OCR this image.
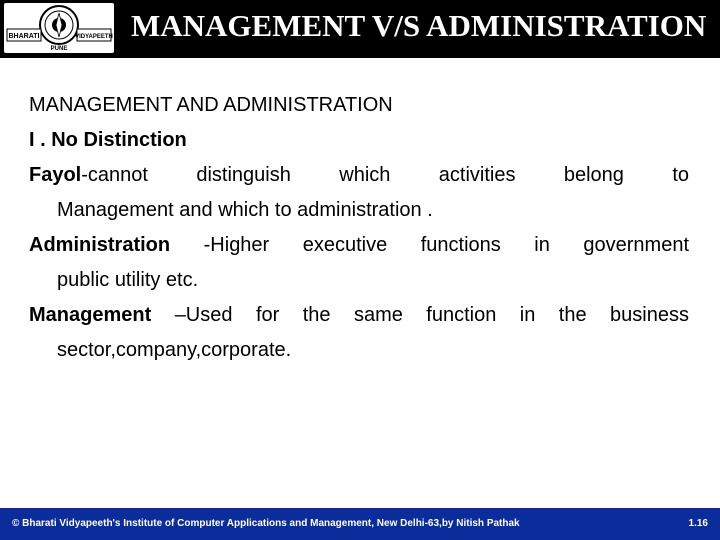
BHARATI	VIDYAPEETH
PUNE
MANAGEMENT V/S ADMINISTRATION

MANAGEMENT AND ADMINISTRATION

I . No Distinction

Fayol-cannot distinguish which activities belong to

Management and which to administration .

Administration -Higher executive functions in government

public utility etc.

Management –Used for the same function in the business

sector,company,corporate.

© Bharati Vidyapeeth's Institute of Computer Applications and Management, New Delhi-63,by Nitish Pathak	1.16
